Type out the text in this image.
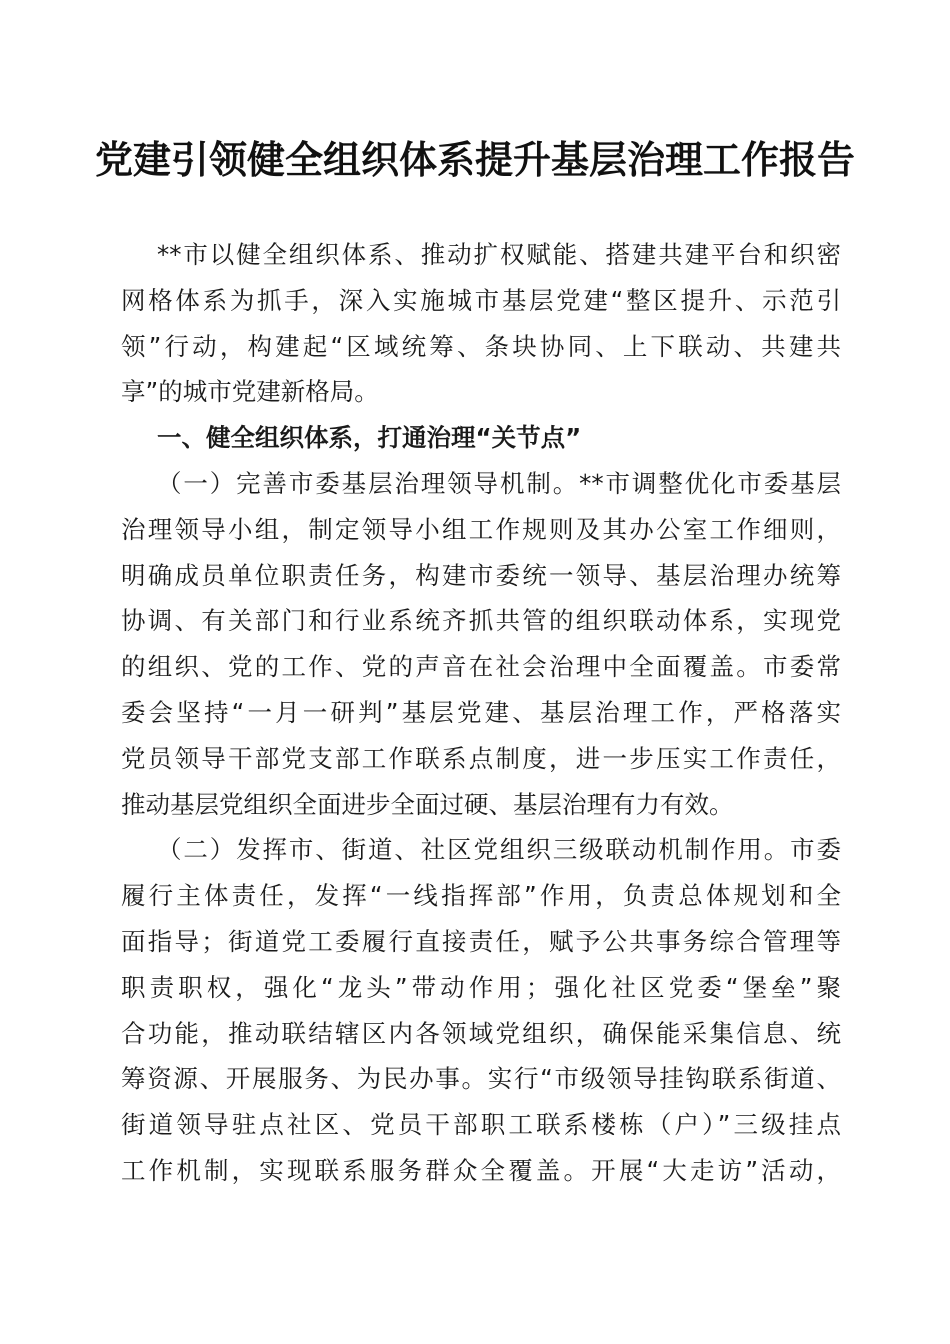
党建引领健全组织体系提升基层治理工作报告
**市以健全组织体系、推动扩权赋能、搭建共建平台和织密
网格体系为抓手，深入实施城市基层党建“整区提升、示范引
领”行动，构建起“区域统筹、条块协同、上下联动、共建共
享”的城市党建新格局。
一、健全组织体系，打通治理“关节点”
（一）完善市委基层治理领导机制。**市调整优化市委基层
治理领导小组，制定领导小组工作规则及其办公室工作细则，
明确成员单位职责任务，构建市委统一领导、基层治理办统筹
协调、有关部门和行业系统齐抓共管的组织联动体系，实现党
的组织、党的工作、党的声音在社会治理中全面覆盖。市委常
委会坚持“一月一研判”基层党建、基层治理工作，严格落实
党员领导干部党支部工作联系点制度，进一步压实工作责任，
推动基层党组织全面进步全面过硬、基层治理有力有效。
（二）发挥市、街道、社区党组织三级联动机制作用。市委
履行主体责任，发挥“一线指挥部”作用，负责总体规划和全
面指导；街道党工委履行直接责任，赋予公共事务综合管理等
职责职权，强化“龙头”带动作用；强化社区党委“堡垒”聚
合功能，推动联结辖区内各领域党组织，确保能采集信息、统
筹资源、开展服务、为民办事。实行“市级领导挂钩联系街道、
街道领导驻点社区、党员干部职工联系楼栋（户）”三级挂点
工作机制，实现联系服务群众全覆盖。开展“大走访”活动，
